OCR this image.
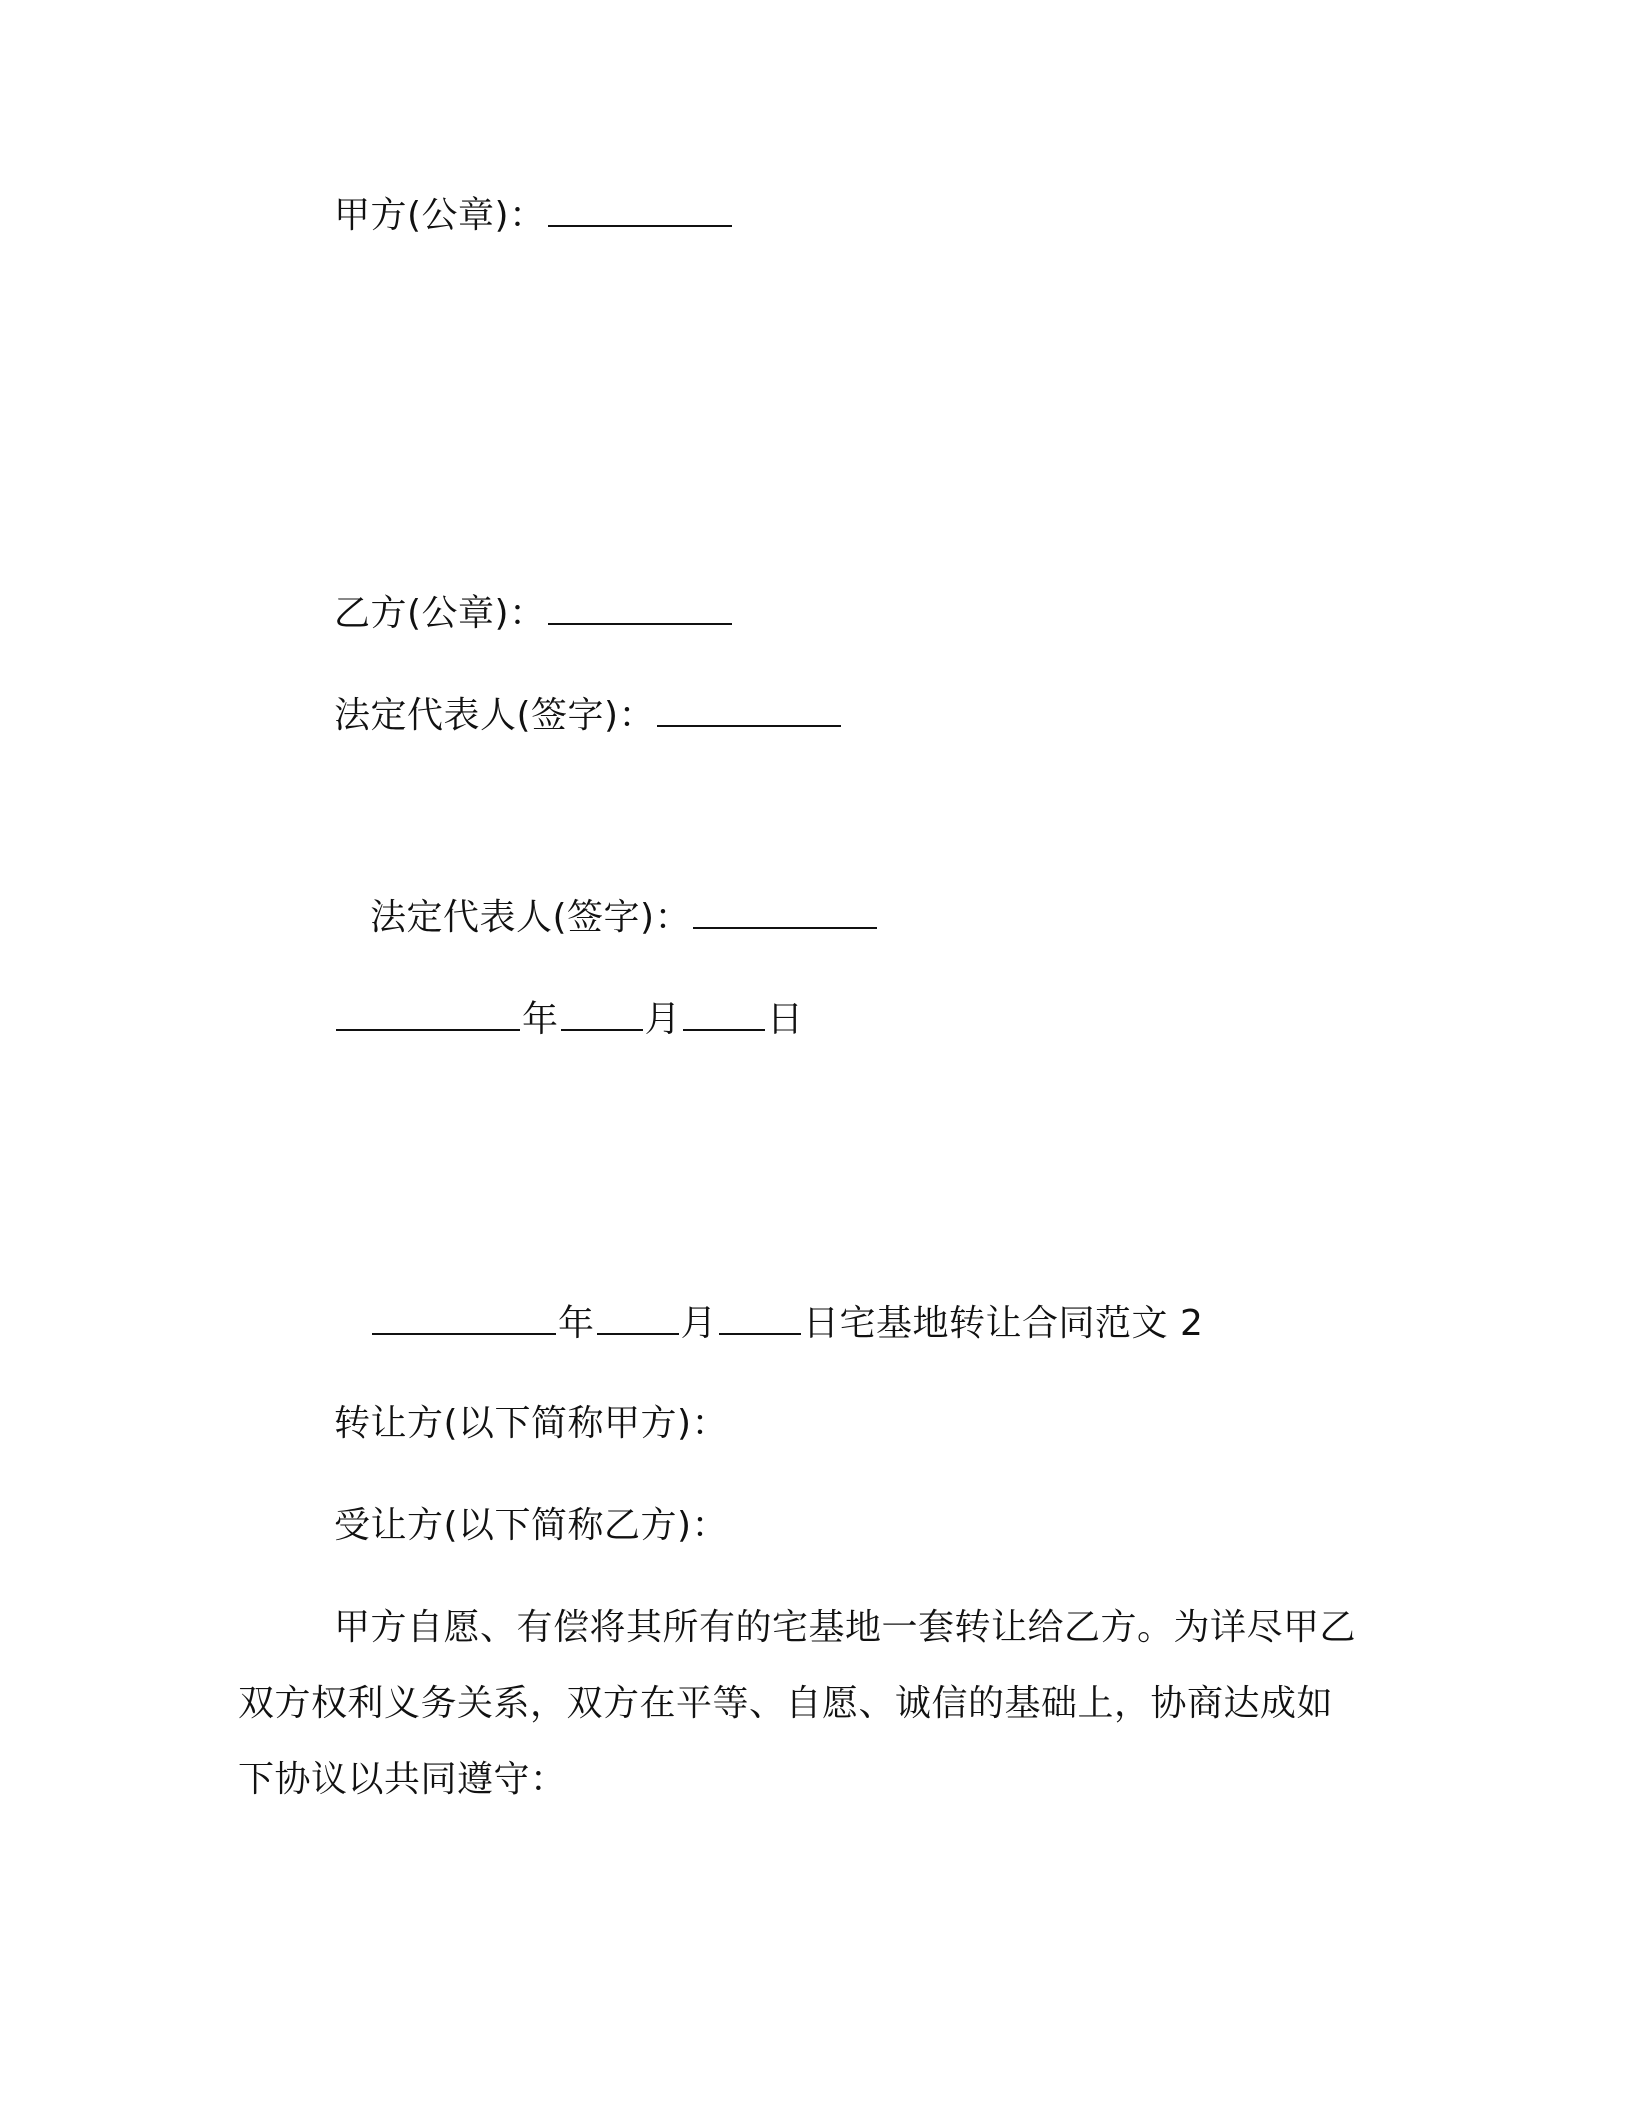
甲方(公章)：
乙方(公章)：
法定代表人(签字)：
法定代表人(签字)：
年 月 日
年 月 日宅基地转让合同范文 2
转让方(以下简称甲方)：
受让方(以下简称乙方)：
甲方自愿、有偿将其所有的宅基地一套转让给乙方。为详尽甲乙
双方权利义务关系，双方在平等、自愿、诚信的基础上，协商达成如
下协议以共同遵守：
